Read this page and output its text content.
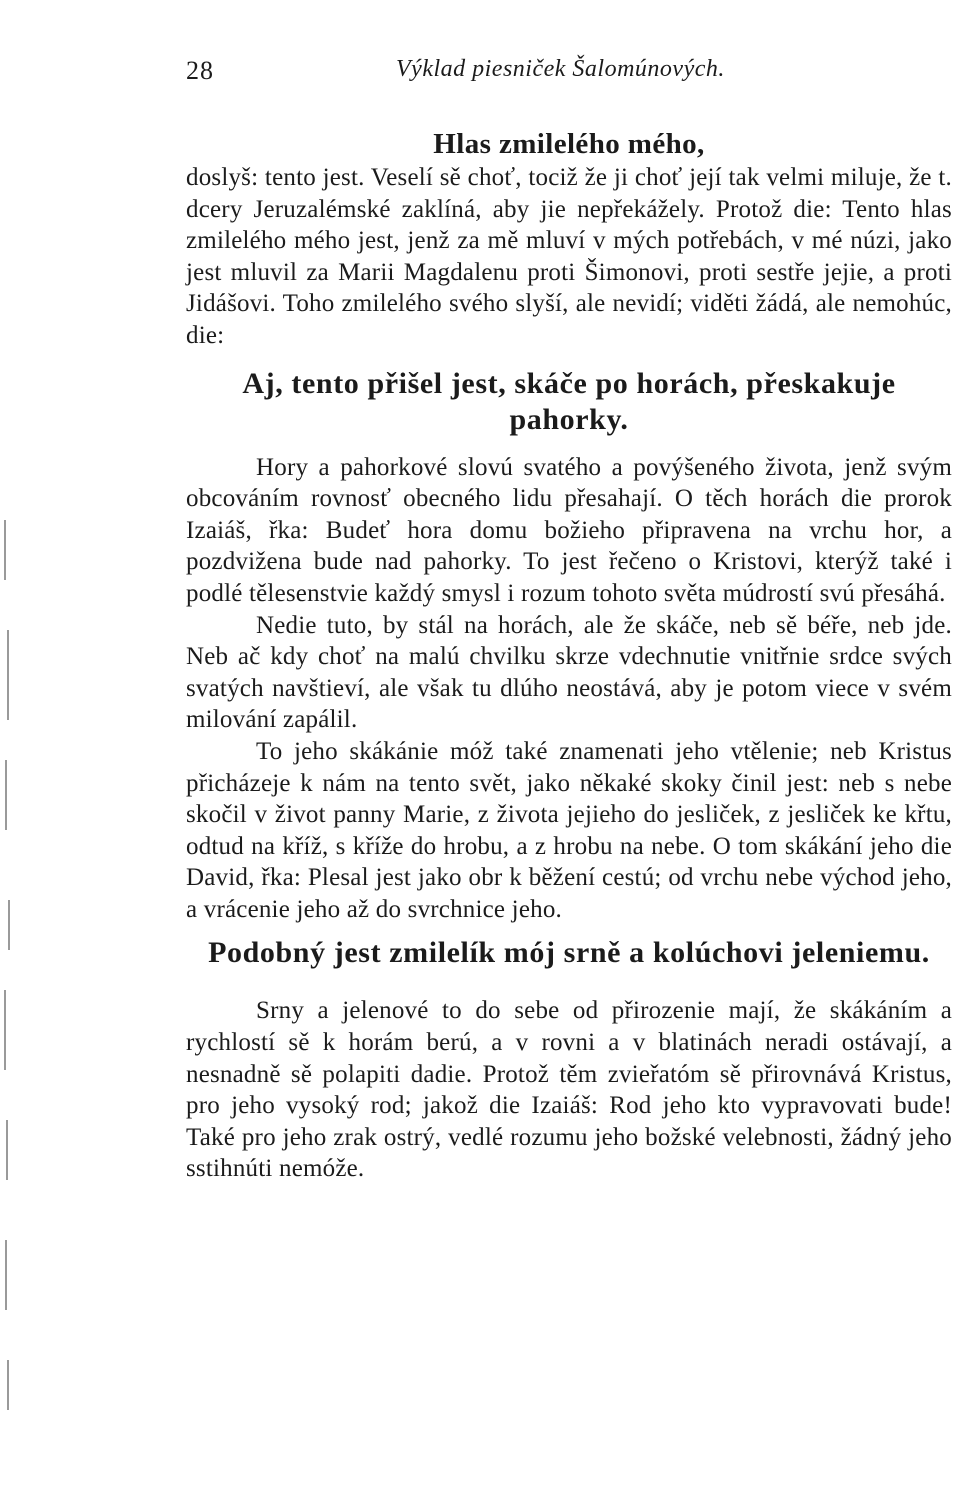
28	Výklad piesniček Šalomúnových.
Hlas zmilelého mého,

doslyš: tento jest. Veselí sě choť, tociž že ji choť její tak velmi miluje, že t. dcery Jeruzalémské zaklíná, aby jie nepřekážely. Protož die: Tento hlas zmilelého mého jest, jenž za mě mluví v mých potřebách, v mé núzi, jako jest mluvil za Marii Magdalenu proti Šimonovi, proti sestře jejie, a proti Jidášovi. Toho zmilelého svého slyší, ale nevidí; viděti žádá, ale nemohúc, die:

Aj, tento přišel jest, skáče po horách, přeskakuje pahorky.

Hory a pahorkové slovú svatého a povýšeného života, jenž svým obcováním rovnosť obecného lidu přesahají. O těch horách die prorok Izaiáš, řka: Budeť hora domu božieho připravena na vrchu hor, a pozdvižena bude nad pahorky. To jest řečeno o Kristovi, kterýž také i podlé tělesenstvie každý smysl i rozum tohoto světa múdrostí svú přesáhá.

Nedie tuto, by stál na horách, ale že skáče, neb sě béře, neb jde. Neb ač kdy choť na malú chvilku skrze vdechnutie vnitřnie srdce svých svatých navštieví, ale však tu dlúho neostává, aby je potom viece v svém milování zapálil.

To jeho skákánie móž také znamenati jeho vtělenie; neb Kristus přicházeje k nám na tento svět, jako někaké skoky činil jest: neb s nebe skočil v život panny Marie, z života jejieho do jesliček, z jesliček ke křtu, odtud na kříž, s kříže do hrobu, a z hrobu na nebe. O tom skákání jeho die David, řka: Plesal jest jako obr k běžení cestú; od vrchu nebe východ jeho, a vrácenie jeho až do svrchnice jeho.

Podobný jest zmilelík mój srně a kolúchovi jeleniemu.

Srny a jelenové to do sebe od přirozenie mají, že skákáním a rychlostí sě k horám berú, a v rovni a v blatinách neradi ostávají, a nesnadně sě polapiti dadie. Protož těm zvieřatóm sě přirovnává Kristus, pro jeho vysoký rod; jakož die Izaiáš: Rod jeho kto vypravovati bude! Také pro jeho zrak ostrý, vedlé rozumu jeho božské velebnosti, žádný jeho sstihnúti nemóže.
